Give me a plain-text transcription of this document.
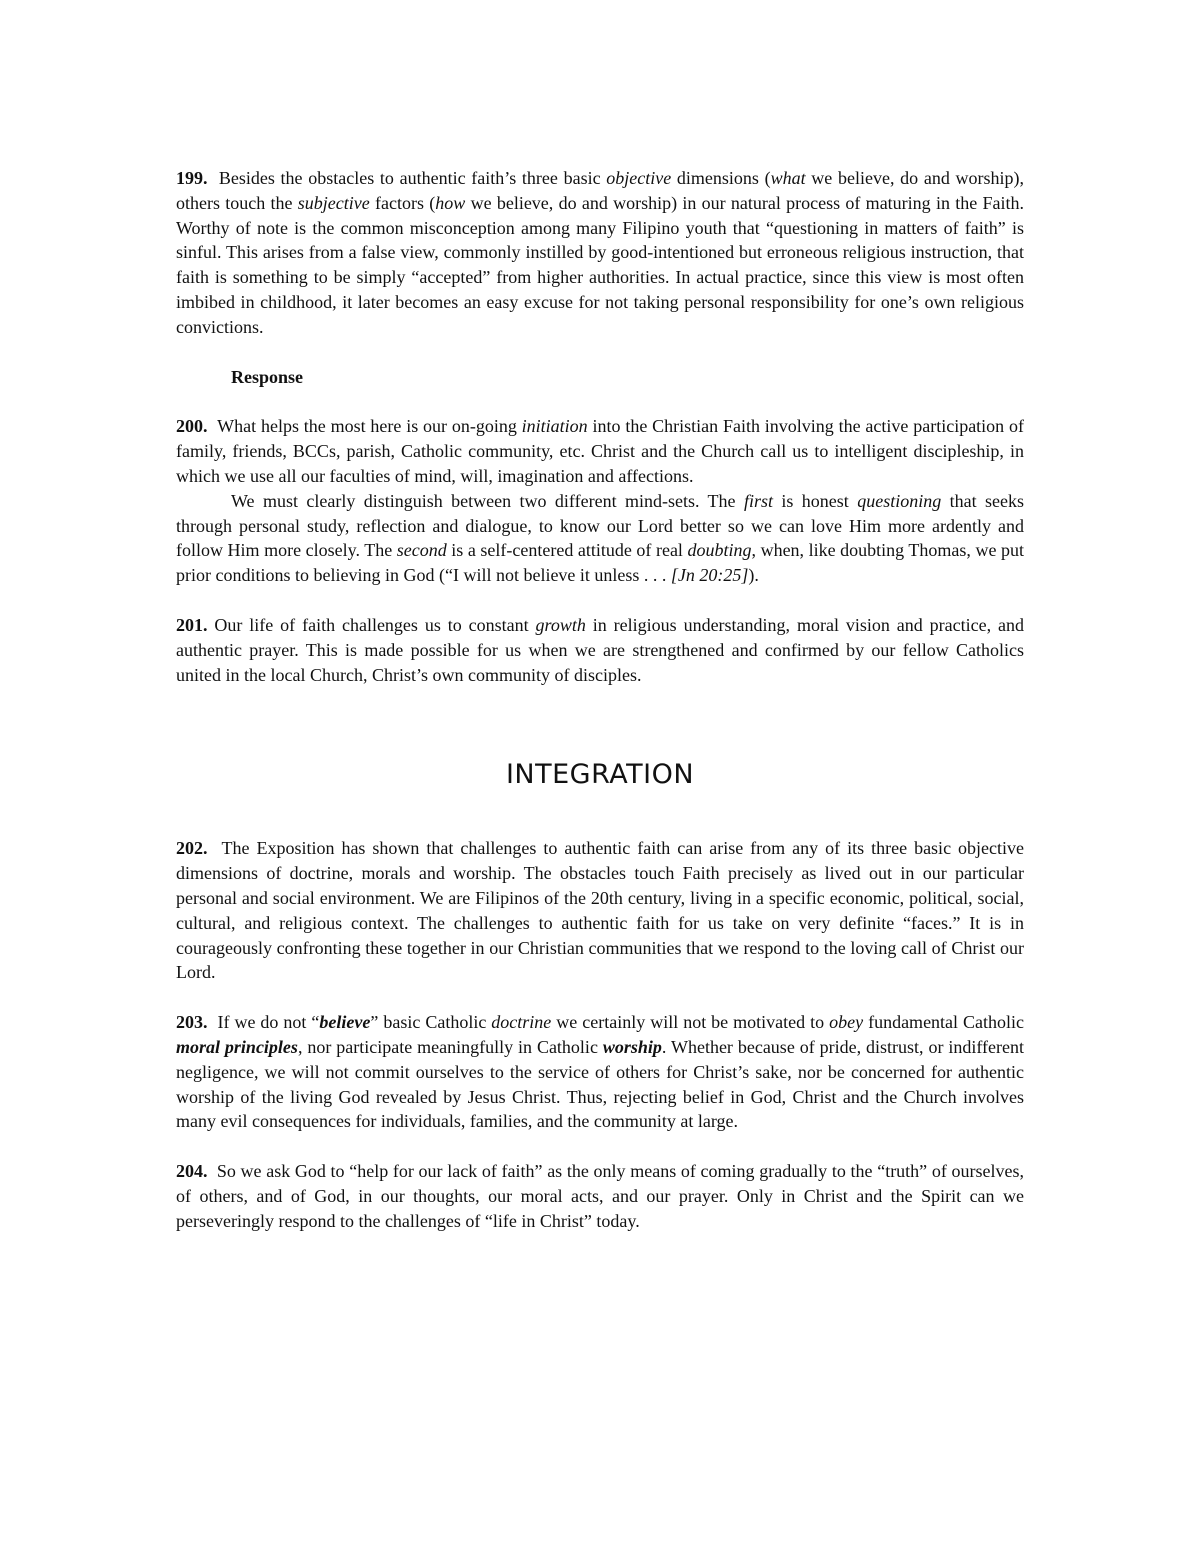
199. Besides the obstacles to authentic faith’s three basic objective dimensions (what we believe, do and worship), others touch the subjective factors (how we believe, do and worship) in our natural process of maturing in the Faith. Worthy of note is the common misconception among many Filipino youth that “questioning in matters of faith” is sinful. This arises from a false view, commonly instilled by good-intentioned but erroneous religious instruction, that faith is something to be simply “accepted” from higher authorities. In actual practice, since this view is most often imbibed in childhood, it later becomes an easy excuse for not taking personal responsibility for one’s own religious convictions.

Response

200. What helps the most here is our on-going initiation into the Christian Faith involving the active participation of family, friends, BCCs, parish, Catholic community, etc. Christ and the Church call us to intelligent discipleship, in which we use all our faculties of mind, will, imagination and affections.

We must clearly distinguish between two different mind-sets. The first is honest questioning that seeks through personal study, reflection and dialogue, to know our Lord better so we can love Him more ardently and follow Him more closely. The second is a self-centered attitude of real doubting, when, like doubting Thomas, we put prior conditions to believing in God (“I will not believe it unless . . . [Jn 20:25]).

201. Our life of faith challenges us to constant growth in religious understanding, moral vision and practice, and authentic prayer. This is made possible for us when we are strengthened and confirmed by our fellow Catholics united in the local Church, Christ’s own community of disciples.

INTEGRATION

202. The Exposition has shown that challenges to authentic faith can arise from any of its three basic objective dimensions of doctrine, morals and worship. The obstacles touch Faith precisely as lived out in our particular personal and social environment. We are Filipinos of the 20th century, living in a specific economic, political, social, cultural, and religious context. The challenges to authentic faith for us take on very definite “faces.” It is in courageously confronting these together in our Christian communities that we respond to the loving call of Christ our Lord.

203. If we do not “believe” basic Catholic doctrine we certainly will not be motivated to obey fundamental Catholic moral principles, nor participate meaningfully in Catholic worship. Whether because of pride, distrust, or indifferent negligence, we will not commit ourselves to the service of others for Christ’s sake, nor be concerned for authentic worship of the living God revealed by Jesus Christ. Thus, rejecting belief in God, Christ and the Church involves many evil consequences for individuals, families, and the community at large.

204. So we ask God to “help for our lack of faith” as the only means of coming gradually to the “truth” of ourselves, of others, and of God, in our thoughts, our moral acts, and our prayer. Only in Christ and the Spirit can we perseveringly respond to the challenges of “life in Christ” today.
